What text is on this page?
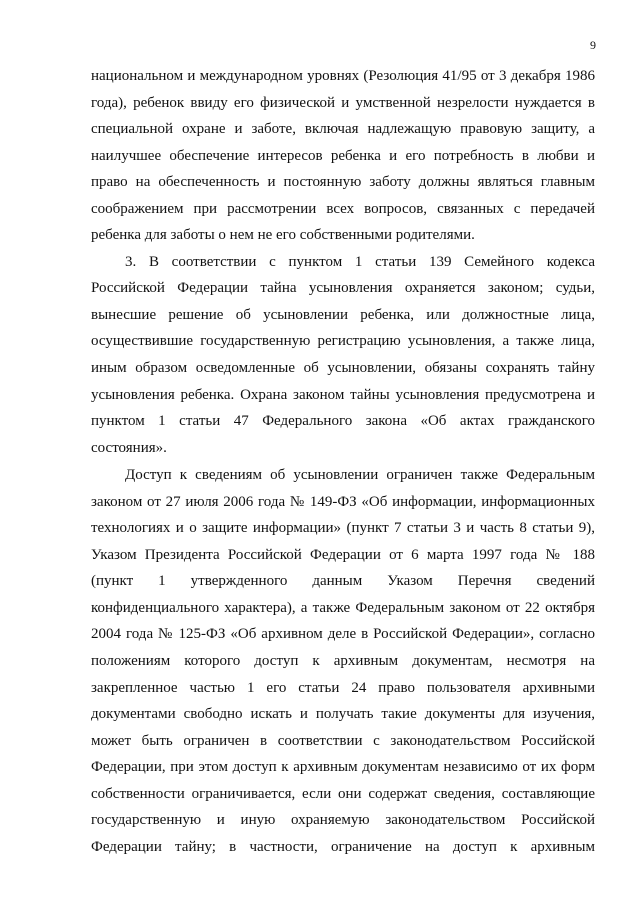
9
национальном и международном уровнях (Резолюция 41/95 от 3 декабря 1986
года), ребенок ввиду его физической и умственной незрелости нуждается в
специальной охране и заботе, включая надлежащую правовую защиту, а
наилучшее обеспечение интересов ребенка и его потребность в любви и
право на обеспеченность и постоянную заботу должны являться главным
соображением при рассмотрении всех вопросов, связанных с передачей
ребенка для заботы о нем не его собственными родителями.
3. В соответствии с пунктом 1 статьи 139 Семейного кодекса
Российской Федерации тайна усыновления охраняется законом; судьи,
вынесшие решение об усыновлении ребенка, или должностные лица,
осуществившие государственную регистрацию усыновления, а также лица,
иным образом осведомленные об усыновлении, обязаны сохранять тайну
усыновления ребенка. Охрана законом тайны усыновления предусмотрена и
пунктом 1 статьи 47 Федерального закона «Об актах гражданского
состояния».
Доступ к сведениям об усыновлении ограничен также Федеральным
законом от 27 июля 2006 года № 149-ФЗ «Об информации, информационных
технологиях и о защите информации» (пункт 7 статьи 3 и часть 8 статьи 9),
Указом Президента Российской Федерации от 6 марта 1997 года № 188
(пункт 1 утвержденного данным Указом Перечня сведений
конфиденциального характера), а также Федеральным законом от 22 октября
2004 года № 125-ФЗ «Об архивном деле в Российской Федерации», согласно
положениям которого доступ к архивным документам, несмотря на
закрепленное частью 1 его статьи 24 право пользователя архивными
документами свободно искать и получать такие документы для изучения,
может быть ограничен в соответствии с законодательством Российской
Федерации, при этом доступ к архивным документам независимо от их форм
собственности ограничивается, если они содержат сведения, составляющие
государственную и иную охраняемую законодательством Российской
Федерации тайну; в частности, ограничение на доступ к архивным
